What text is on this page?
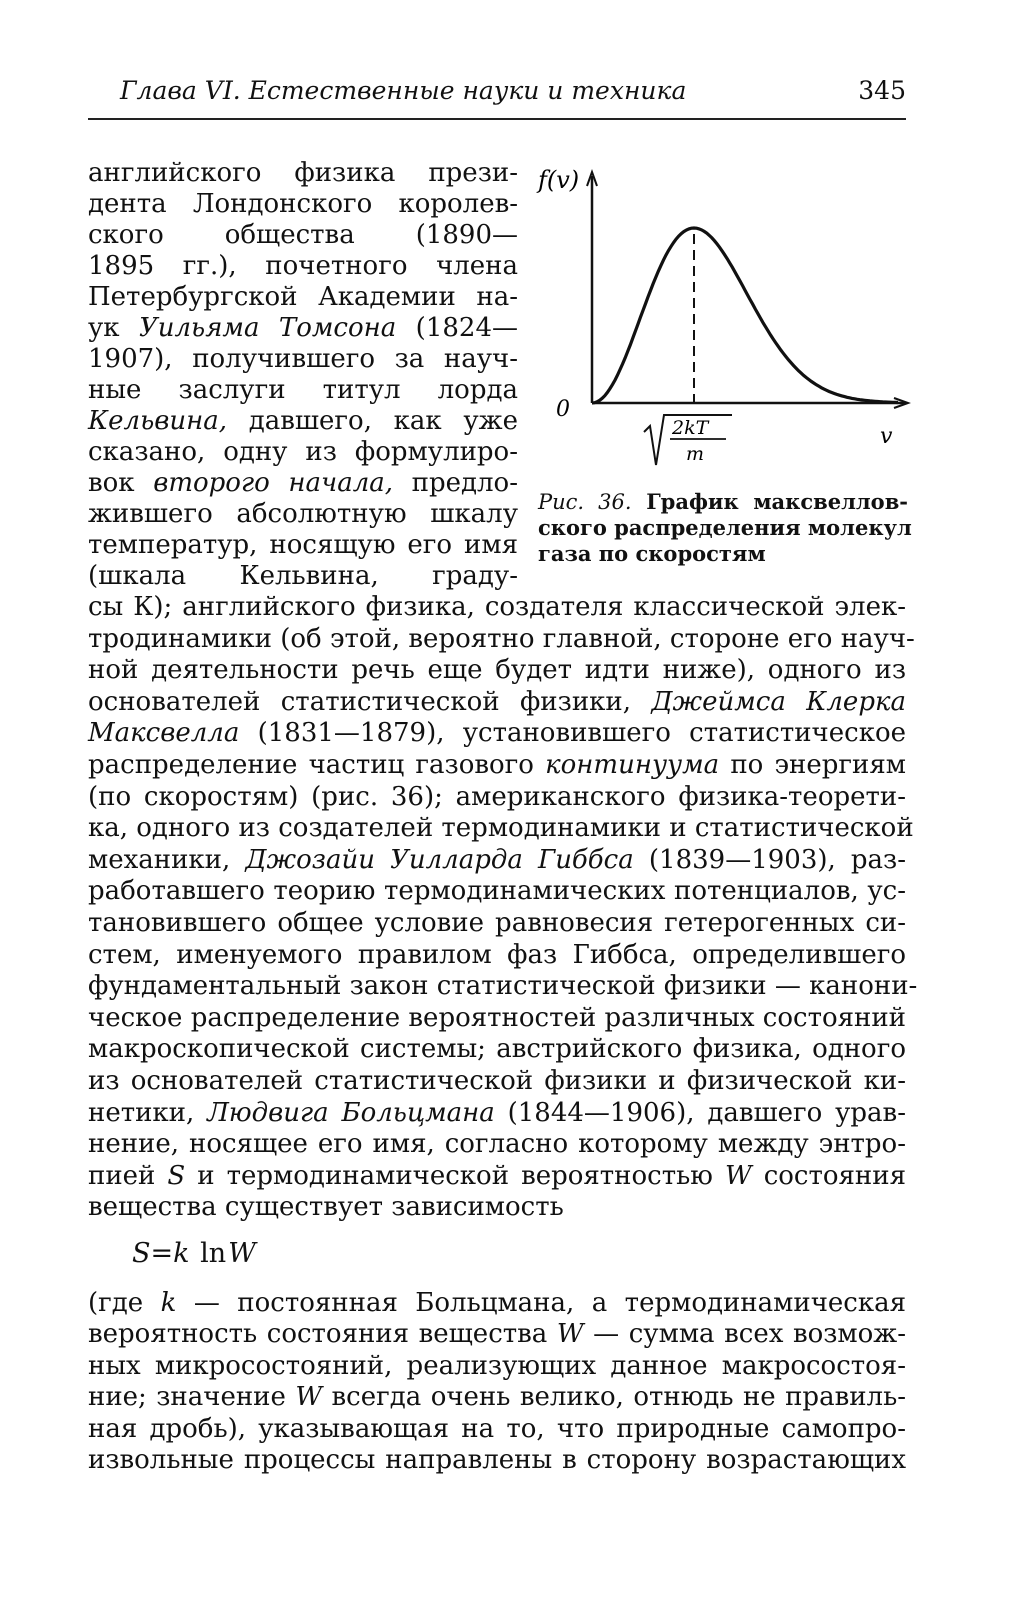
Глава VI. Естественные науки и техника	345
английского физика прези-
дента Лондонского королев-
ского общества (1890—
1895 гг.), почетного члена
Петербургской Академии на-
ук Уильяма Томсона (1824—
1907), получившего за науч-
ные заслуги титул лорда
Кельвина, давшего, как уже
сказано, одну из формулиро-
вок второго начала, предло-
жившего абсолютную шкалу
температур, носящую его имя
(шкала Кельвина, граду-
f(v)
0
v
2kT
m
Рис. 36. График максвеллов-
ского распределения молекул
газа по скоростям
сы К); английского физика, создателя классической элек-
тродинамики (об этой, вероятно главной, стороне его науч-
ной деятельности речь еще будет идти ниже), одного из
основателей статистической физики, Джеймса Клерка
Максвелла (1831—1879), установившего статистическое
распределение частиц газового континуума по энергиям
(по скоростям) (рис. 36); американского физика-теорети-
ка, одного из создателей термодинамики и статистической
механики, Джозайи Уилларда Гиббса (1839—1903), раз-
работавшего теорию термодинамических потенциалов, ус-
тановившего общее условие равновесия гетерогенных си-
стем, именуемого правилом фаз Гиббса, определившего
фундаментальный закон статистической физики — канони-
ческое распределение вероятностей различных состояний
макроскопической системы; австрийского физика, одного
из основателей статистической физики и физической ки-
нетики, Людвига Больцмана (1844—1906), давшего урав-
нение, носящее его имя, согласно которому между энтро-
пией S и термодинамической вероятностью W состояния
вещества существует зависимость
S=k lnW
(где k — постоянная Больцмана, а термодинамическая
вероятность состояния вещества W — сумма всех возмож-
ных микросостояний, реализующих данное макросостоя-
ние; значение W всегда очень велико, отнюдь не правиль-
ная дробь), указывающая на то, что природные самопро-
извольные процессы направлены в сторону возрастающих
